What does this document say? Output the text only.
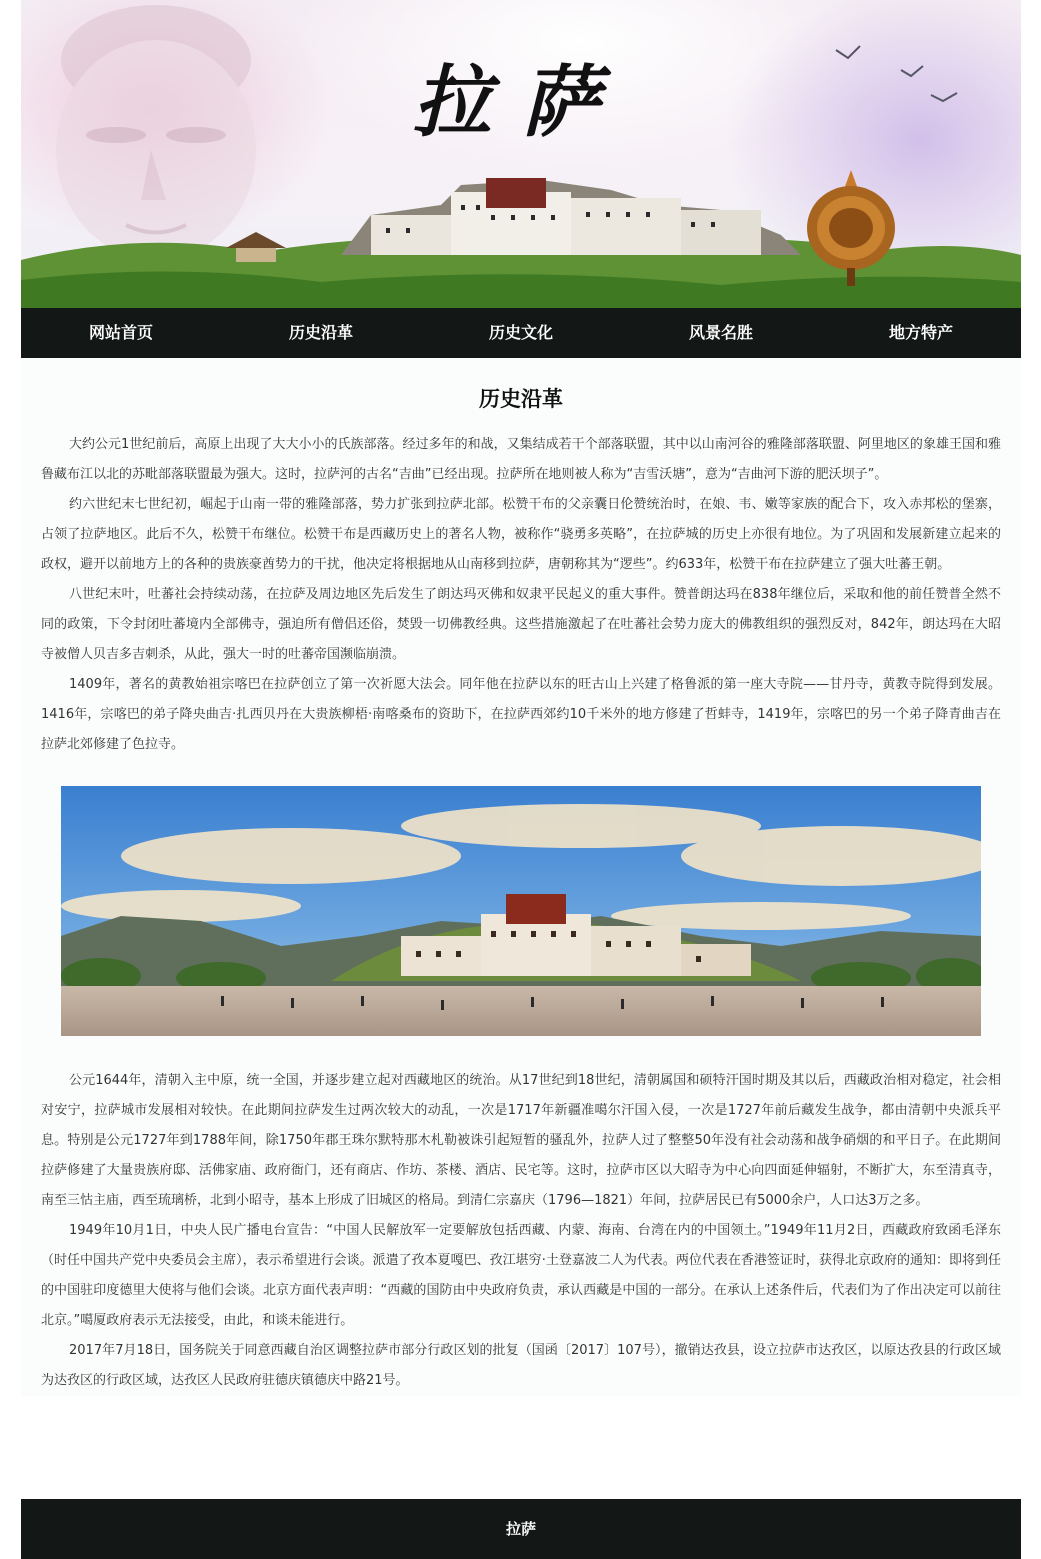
拉萨
网站首页	历史沿革	历史文化	风景名胜	地方特产
历史沿革

大约公元1世纪前后，高原上出现了大大小小的氏族部落。经过多年的和战，又集结成若干个部落联盟，其中以山南河谷的雅隆部落联盟、阿里地区的象雄王国和雅鲁藏布江以北的苏毗部落联盟最为强大。这时，拉萨河的古名“吉曲”已经出现。拉萨所在地则被人称为“吉雪沃塘”，意为“吉曲河下游的肥沃坝子”。

约六世纪末七世纪初，崛起于山南一带的雅隆部落，势力扩张到拉萨北部。松赞干布的父亲囊日伦赞统治时，在娘、韦、嫩等家族的配合下，攻入赤邦松的堡寨，占领了拉萨地区。此后不久，松赞干布继位。松赞干布是西藏历史上的著名人物，被称作“骁勇多英略”，在拉萨城的历史上亦很有地位。为了巩固和发展新建立起来的政权，避开以前地方上的各种的贵族豪酋势力的干扰，他决定将根据地从山南移到拉萨，唐朝称其为“逻些”。约633年，松赞干布在拉萨建立了强大吐蕃王朝。

八世纪末叶，吐蕃社会持续动荡，在拉萨及周边地区先后发生了朗达玛灭佛和奴隶平民起义的重大事件。赞普朗达玛在838年继位后，采取和他的前任赞普全然不同的政策，下令封闭吐蕃境内全部佛寺，强迫所有僧侣还俗，焚毁一切佛教经典。这些措施激起了在吐蕃社会势力庞大的佛教组织的强烈反对，842年，朗达玛在大昭寺被僧人贝吉多吉刺杀，从此，强大一时的吐蕃帝国濒临崩溃。

1409年，著名的黄教始祖宗喀巴在拉萨创立了第一次祈愿大法会。同年他在拉萨以东的旺古山上兴建了格鲁派的第一座大寺院——甘丹寺，黄教寺院得到发展。1416年，宗喀巴的弟子降央曲吉·扎西贝丹在大贵族柳梧·南喀桑布的资助下，在拉萨西郊约10千米外的地方修建了哲蚌寺，1419年，宗喀巴的另一个弟子降青曲吉在拉萨北郊修建了色拉寺。

公元1644年，清朝入主中原，统一全国，并逐步建立起对西藏地区的统治。从17世纪到18世纪，清朝属国和硕特汗国时期及其以后，西藏政治相对稳定，社会相对安宁，拉萨城市发展相对较快。在此期间拉萨发生过两次较大的动乱，一次是1717年新疆准噶尔汗国入侵，一次是1727年前后藏发生战争，都由清朝中央派兵平息。特别是公元1727年到1788年间，除1750年郡王珠尔默特那木札勒被诛引起短暂的骚乱外，拉萨人过了整整50年没有社会动荡和战争硝烟的和平日子。在此期间拉萨修建了大量贵族府邸、活佛家庙、政府衙门，还有商店、作坊、茶楼、酒店、民宅等。这时，拉萨市区以大昭寺为中心向四面延伸辐射，不断扩大，东至清真寺，南至三怙主庙，西至琉璃桥，北到小昭寺，基本上形成了旧城区的格局。到清仁宗嘉庆（1796—1821）年间，拉萨居民已有5000余户，人口达3万之多。

1949年10月1日，中央人民广播电台宣告：“中国人民解放军一定要解放包括西藏、内蒙、海南、台湾在内的中国领土。”1949年11月2日，西藏政府致函毛泽东（时任中国共产党中央委员会主席），表示希望进行会谈。派遣了孜本夏嘎巴、孜江堪穷·土登嘉波二人为代表。两位代表在香港签证时，获得北京政府的通知：即将到任的中国驻印度德里大使将与他们会谈。北京方面代表声明：“西藏的国防由中央政府负责，承认西藏是中国的一部分。在承认上述条件后，代表们为了作出决定可以前往北京。”噶厦政府表示无法接受，由此，和谈未能进行。

2017年7月18日，国务院关于同意西藏自治区调整拉萨市部分行政区划的批复（国函〔2017〕107号），撤销达孜县，设立拉萨市达孜区，以原达孜县的行政区域为达孜区的行政区域，达孜区人民政府驻德庆镇德庆中路21号。

拉萨
